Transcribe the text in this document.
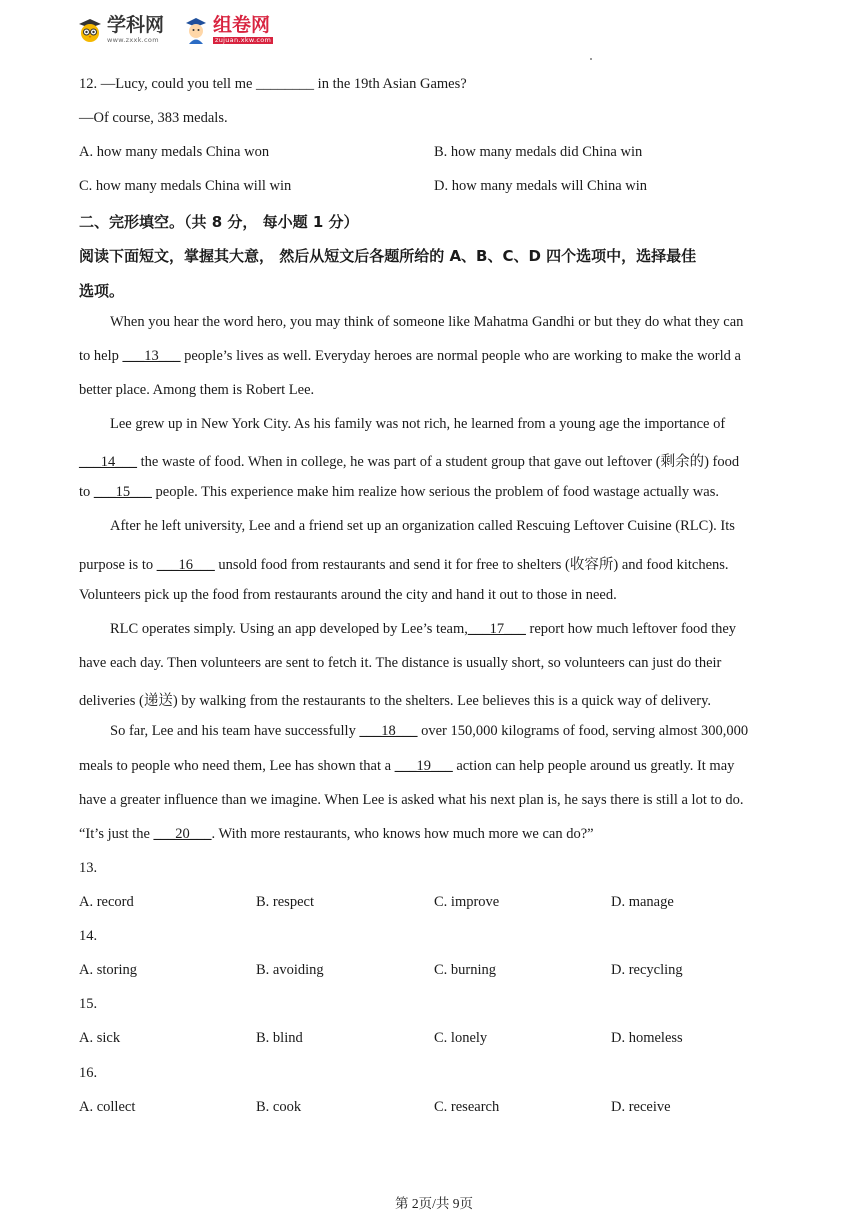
学科网
www.zxxk.com
组卷网
zujuan.xkw.com
12. —Lucy, could you tell me ________ in the 19th Asian Games?
—Of course, 383 medals.
A. how many medals China won	B. how many medals did China win
C. how many medals China will win	D. how many medals will China win
二、完形填空。（共 8 分， 每小题 1 分）
阅读下面短文，掌握其大意， 然后从短文后各题所给的 A、B、C、D 四个选项中，选择最佳
选项。
When you hear the word hero, you may think of someone like Mahatma Gandhi or but they do what they can
to help ___13___ people’s lives as well. Everyday heroes are normal people who are working to make the world a
better place. Among them is Robert Lee.
Lee grew up in New York City. As his family was not rich, he learned from a young age the importance of
___14___ the waste of food. When in college, he was part of a student group that gave out leftover (剩余的) food
to ___15___ people. This experience make him realize how serious the problem of food wastage actually was.
After he left university, Lee and a friend set up an organization called Rescuing Leftover Cuisine (RLC). Its
purpose is to ___16___ unsold food from restaurants and send it for free to shelters (收容所) and food kitchens.
Volunteers pick up the food from restaurants around the city and hand it out to those in need.
RLC operates simply. Using an app developed by Lee’s team,___17___ report how much leftover food they
have each day. Then volunteers are sent to fetch it. The distance is usually short, so volunteers can just do their
deliveries (递送) by walking from the restaurants to the shelters. Lee believes this is a quick way of delivery.
So far, Lee and his team have successfully ___18___ over 150,000 kilograms of food, serving almost 300,000
meals to people who need them, Lee has shown that a ___19___ action can help people around us greatly. It may
have a greater influence than we imagine. When Lee is asked what his next plan is, he says there is still a lot to do.
“It’s just the ___20___. With more restaurants, who knows how much more we can do?”
13.
A. record	B. respect	C. improve	D. manage
14.
A. storing	B. avoiding	C. burning	D. recycling
15.
A. sick	B. blind	C. lonely	D. homeless
16.
A. collect	B. cook	C. research	D. receive
第 2页/共 9页
